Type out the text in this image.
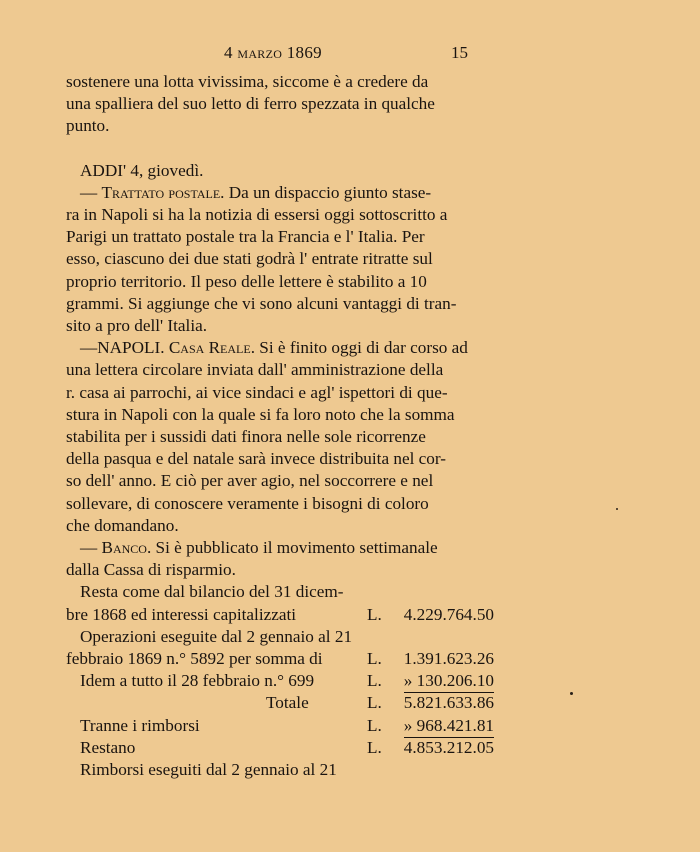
4 marzo 1869	15
sostenere una lotta vivissima, siccome è a credere da
una spalliera del suo letto di ferro spezzata in qualche
punto.
ADDI' 4, giovedì.
— Trattato postale. Da un dispaccio giunto stase-
ra in Napoli si ha la notizia di essersi oggi sottoscritto a
Parigi un trattato postale tra la Francia e l' Italia. Per
esso, ciascuno dei due stati godrà l' entrate ritratte sul
proprio territorio. Il peso delle lettere è stabilito a 10
grammi. Si aggiunge che vi sono alcuni vantaggi di tran-
sito a pro dell' Italia.
—NAPOLI. Casa Reale. Si è finito oggi di dar corso ad
una lettera circolare inviata dall' amministrazione della
r. casa ai parrochi, ai vice sindaci e agl' ispettori di que-
stura in Napoli con la quale si fa loro noto che la somma
stabilita per i sussidi dati finora nelle sole ricorrenze
della pasqua e del natale sarà invece distribuita nel cor-
so dell' anno. E ciò per aver agio, nel soccorrere e nel
sollevare, di conoscere veramente i bisogni di coloro
che domandano.
— Banco. Si è pubblicato il movimento settimanale
dalla Cassa di risparmio.
Resta come dal bilancio del 31 dicem-
bre 1868 ed interessi capitalizzati	L. 4.229.764.50
Operazioni eseguite dal 2 gennaio al 21
febbraio 1869 n.° 5892 per somma di	L. 1.391.623.26
Idem a tutto il 28 febbraio n.° 699	L. » 130.206.10
Totale	L. 5.821.633.86
Tranne i rimborsi	L. » 968.421.81
Restano	L. 4.853.212.05
Rimborsi eseguiti dal 2 gennaio al 21
